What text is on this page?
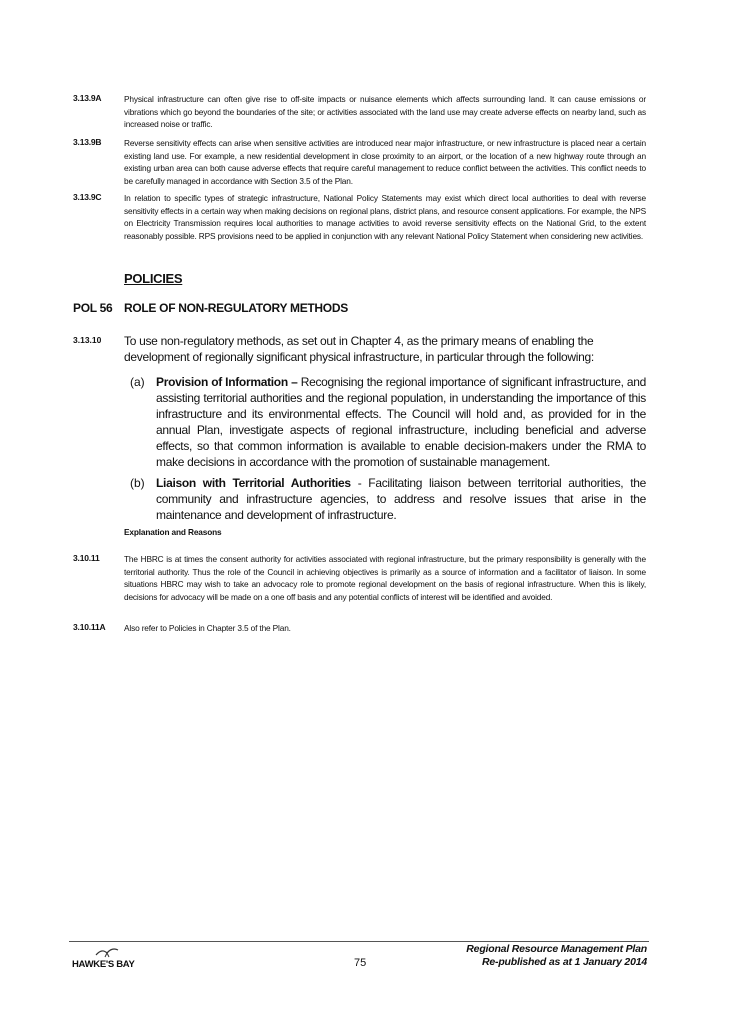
3.13.9A	Physical infrastructure can often give rise to off-site impacts or nuisance elements which affects surrounding land. It can cause emissions or vibrations which go beyond the boundaries of the site; or activities associated with the land use may create adverse effects on nearby land, such as increased noise or traffic.
3.13.9B	Reverse sensitivity effects can arise when sensitive activities are introduced near major infrastructure, or new infrastructure is placed near a certain existing land use. For example, a new residential development in close proximity to an airport, or the location of a new highway route through an existing urban area can both cause adverse effects that require careful management to reduce conflict between the activities. This conflict needs to be carefully managed in accordance with Section 3.5 of the Plan.
3.13.9C	In relation to specific types of strategic infrastructure, National Policy Statements may exist which direct local authorities to deal with reverse sensitivity effects in a certain way when making decisions on regional plans, district plans, and resource consent applications. For example, the NPS on Electricity Transmission requires local authorities to manage activities to avoid reverse sensitivity effects on the National Grid, to the extent reasonably possible. RPS provisions need to be applied in conjunction with any relevant National Policy Statement when considering new activities.
POLICIES
POL 56 ROLE OF NON-REGULATORY METHODS
3.13.10 To use non-regulatory methods, as set out in Chapter 4, as the primary means of enabling the development of regionally significant physical infrastructure, in particular through the following:
(a) Provision of Information – Recognising the regional importance of significant infrastructure, and assisting territorial authorities and the regional population, in understanding the importance of this infrastructure and its environmental effects. The Council will hold and, as provided for in the annual Plan, investigate aspects of regional infrastructure, including beneficial and adverse effects, so that common information is available to enable decision-makers under the RMA to make decisions in accordance with the promotion of sustainable management.
(b) Liaison with Territorial Authorities - Facilitating liaison between territorial authorities, the community and infrastructure agencies, to address and resolve issues that arise in the maintenance and development of infrastructure.
Explanation and Reasons
3.10.11	The HBRC is at times the consent authority for activities associated with regional infrastructure, but the primary responsibility is generally with the territorial authority. Thus the role of the Council in achieving objectives is primarily as a source of information and a facilitator of liaison. In some situations HBRC may wish to take an advocacy role to promote regional development on the basis of regional infrastructure. When this is likely, decisions for advocacy will be made on a one off basis and any potential conflicts of interest will be identified and avoided.
3.10.11A Also refer to Policies in Chapter 3.5 of the Plan.
HAWKE'S BAY	75
Regional Resource Management Plan
Re-published as at 1 January 2014
